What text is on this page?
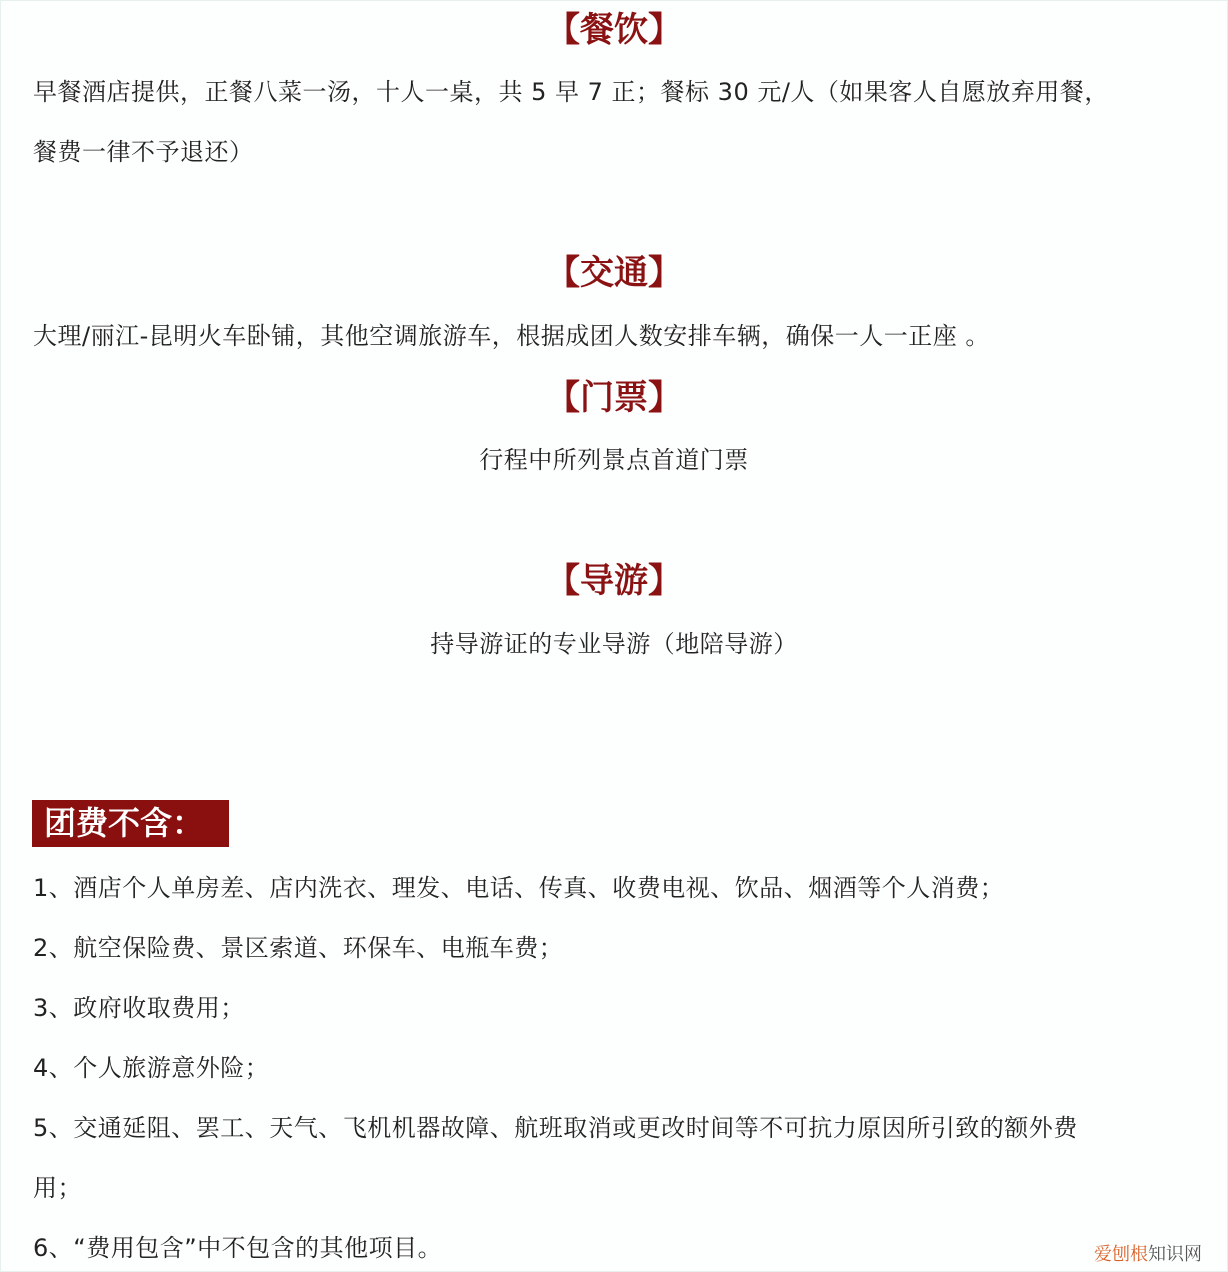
【餐饮】
早餐酒店提供，正餐八菜一汤，十人一桌，共 5 早 7 正；餐标 30 元/人（如果客人自愿放弃用餐，
餐费一律不予退还）
【交通】
大理/丽江-昆明火车卧铺，其他空调旅游车，根据成团人数安排车辆，确保一人一正座 。
【门票】
行程中所列景点首道门票
【导游】
持导游证的专业导游（地陪导游）
团费不含：
1、酒店个人单房差、店内洗衣、理发、电话、传真、收费电视、饮品、烟酒等个人消费；
2、航空保险费、景区索道、环保车、电瓶车费；
3、政府收取费用；
4、个人旅游意外险；
5、交通延阻、罢工、天气、飞机机器故障、航班取消或更改时间等不可抗力原因所引致的额外费
用；
6、“费用包含”中不包含的其他项目。	爱刨根知识网
